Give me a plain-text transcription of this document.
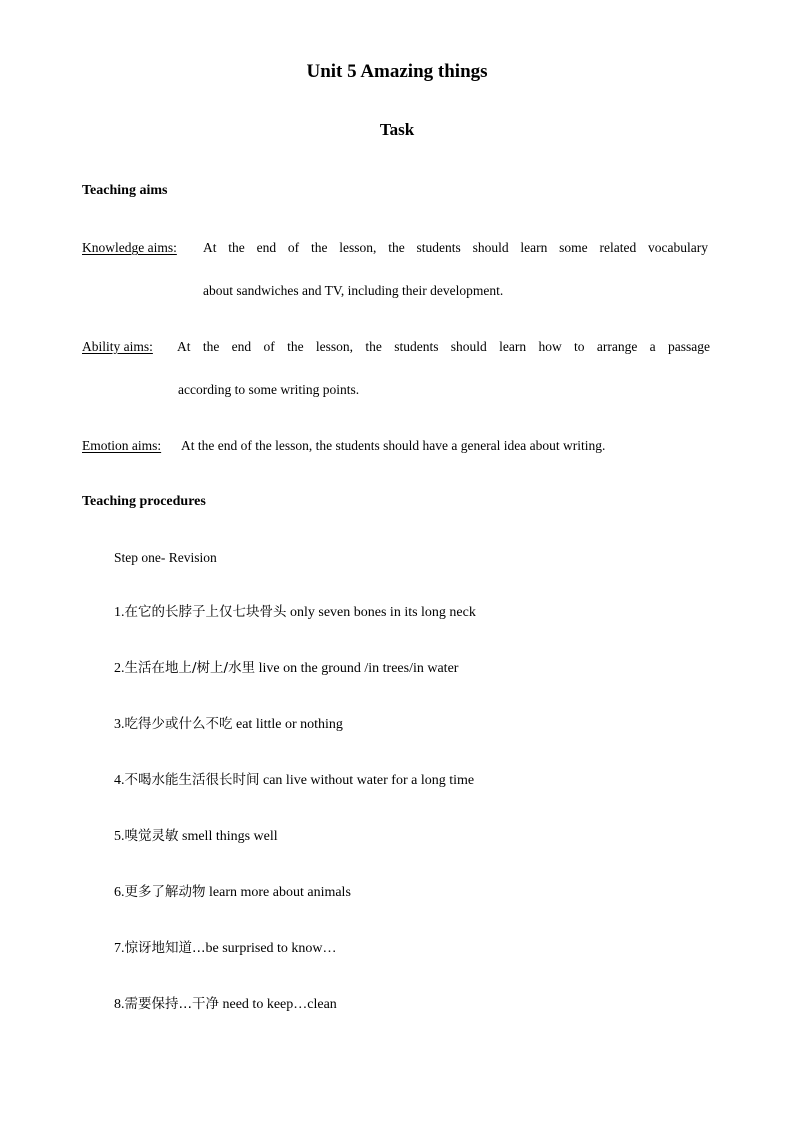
Unit 5 Amazing things
Task
Teaching aims
Knowledge aims: At the end of the lesson, the students should learn some related vocabulary
about sandwiches and TV, including their development.
Ability aims: At the end of the lesson, the students should learn how to arrange a passage
according to some writing points.
Emotion aims: At the end of the lesson, the students should have a general idea about writing.
Teaching procedures
Step one- Revision
1.在它的长脖子上仅七块骨头 only seven bones in its long neck
2.生活在地上/树上/水里 live on the ground /in trees/in water
3.吃得少或什么不吃 eat little or nothing
4.不喝水能生活很长时间 can live without water for a long time
5.嗅觉灵敏 smell things well
6.更多了解动物 learn more about animals
7.惊讶地知道…be surprised to know…
8.需要保持…干净 need to keep…clean
